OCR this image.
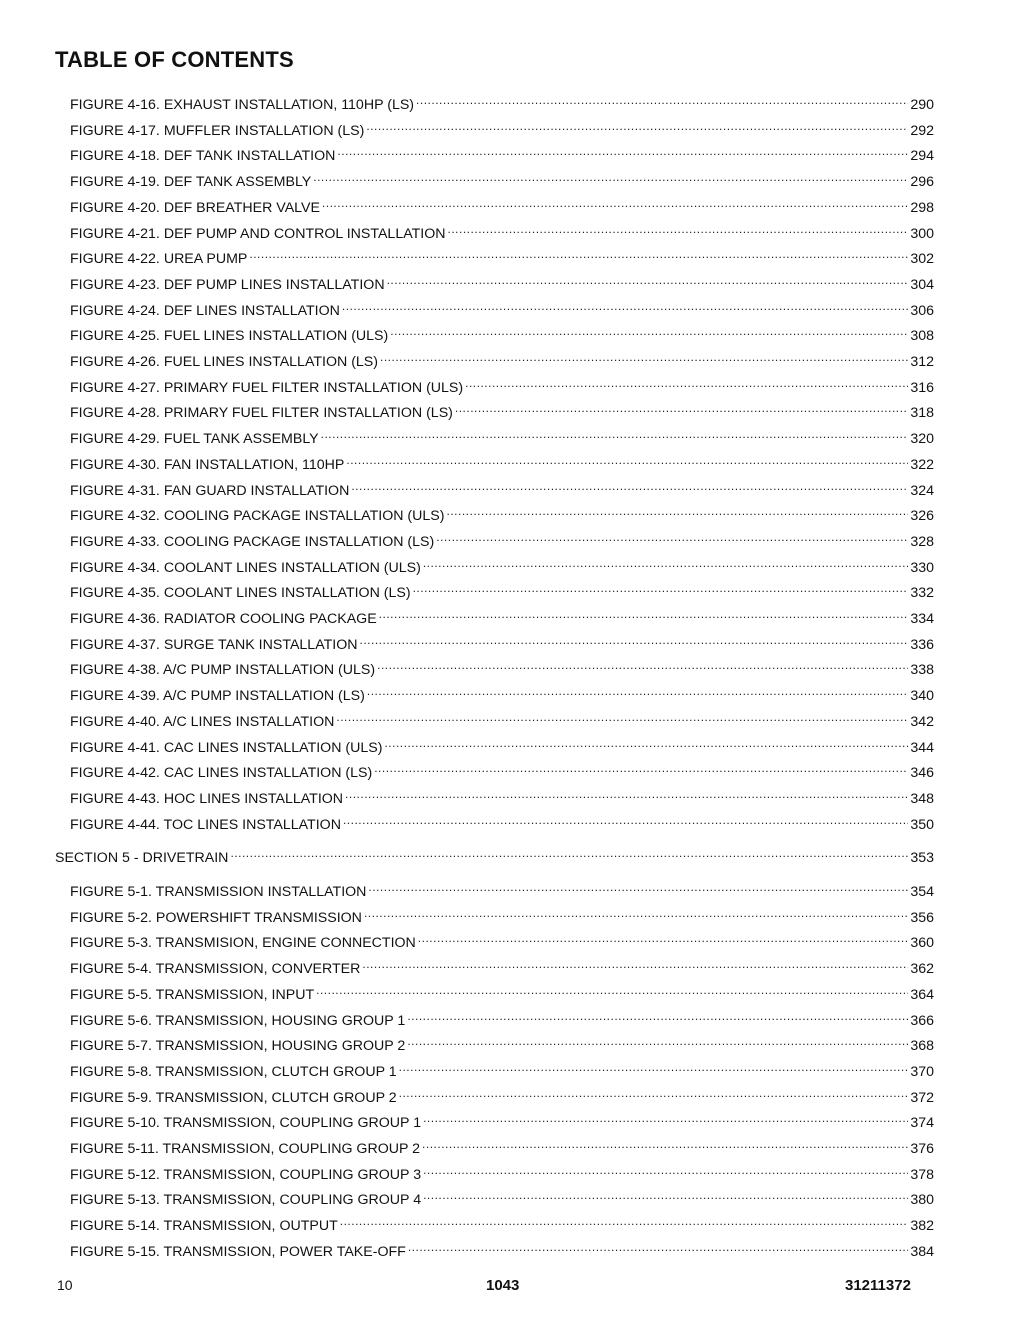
TABLE OF CONTENTS
FIGURE 4-16. EXHAUST INSTALLATION, 110HP (LS) .....	290
FIGURE 4-17. MUFFLER INSTALLATION (LS) .....	292
FIGURE 4-18. DEF TANK INSTALLATION .....	294
FIGURE 4-19. DEF TANK ASSEMBLY .....	296
FIGURE 4-20. DEF BREATHER VALVE .....	298
FIGURE 4-21. DEF PUMP AND CONTROL INSTALLATION .....	300
FIGURE 4-22. UREA PUMP .....	302
FIGURE 4-23. DEF PUMP LINES INSTALLATION .....	304
FIGURE 4-24. DEF LINES INSTALLATION .....	306
FIGURE 4-25. FUEL LINES INSTALLATION (ULS) .....	308
FIGURE 4-26. FUEL LINES INSTALLATION (LS) .....	312
FIGURE 4-27. PRIMARY FUEL FILTER INSTALLATION (ULS) .....	316
FIGURE 4-28. PRIMARY FUEL FILTER INSTALLATION (LS) .....	318
FIGURE 4-29. FUEL TANK ASSEMBLY .....	320
FIGURE 4-30. FAN INSTALLATION, 110HP .....	322
FIGURE 4-31. FAN GUARD INSTALLATION .....	324
FIGURE 4-32. COOLING PACKAGE INSTALLATION (ULS) .....	326
FIGURE 4-33. COOLING PACKAGE INSTALLATION (LS) .....	328
FIGURE 4-34. COOLANT LINES INSTALLATION (ULS) .....	330
FIGURE 4-35. COOLANT LINES INSTALLATION (LS) .....	332
FIGURE 4-36. RADIATOR COOLING PACKAGE .....	334
FIGURE 4-37. SURGE TANK INSTALLATION .....	336
FIGURE 4-38. A/C PUMP INSTALLATION (ULS) .....	338
FIGURE 4-39. A/C PUMP INSTALLATION (LS) .....	340
FIGURE 4-40. A/C LINES INSTALLATION .....	342
FIGURE 4-41. CAC LINES INSTALLATION (ULS) .....	344
FIGURE 4-42. CAC LINES INSTALLATION (LS) .....	346
FIGURE 4-43. HOC LINES INSTALLATION .....	348
FIGURE 4-44. TOC LINES INSTALLATION .....	350
SECTION 5 - DRIVETRAIN .....	353
FIGURE 5-1. TRANSMISSION INSTALLATION .....	354
FIGURE 5-2. POWERSHIFT TRANSMISSION .....	356
FIGURE 5-3. TRANSMISION, ENGINE CONNECTION .....	360
FIGURE 5-4. TRANSMISSION, CONVERTER .....	362
FIGURE 5-5. TRANSMISSION, INPUT .....	364
FIGURE 5-6. TRANSMISSION, HOUSING GROUP 1 .....	366
FIGURE 5-7. TRANSMISSION, HOUSING GROUP 2 .....	368
FIGURE 5-8. TRANSMISSION, CLUTCH GROUP 1 .....	370
FIGURE 5-9. TRANSMISSION, CLUTCH GROUP 2 .....	372
FIGURE 5-10. TRANSMISSION, COUPLING GROUP 1 .....	374
FIGURE 5-11. TRANSMISSION, COUPLING GROUP 2 .....	376
FIGURE 5-12. TRANSMISSION, COUPLING GROUP 3 .....	378
FIGURE 5-13. TRANSMISSION, COUPLING GROUP 4 .....	380
FIGURE 5-14. TRANSMISSION, OUTPUT .....	382
FIGURE 5-15. TRANSMISSION, POWER TAKE-OFF .....	384
10	1043	31211372
